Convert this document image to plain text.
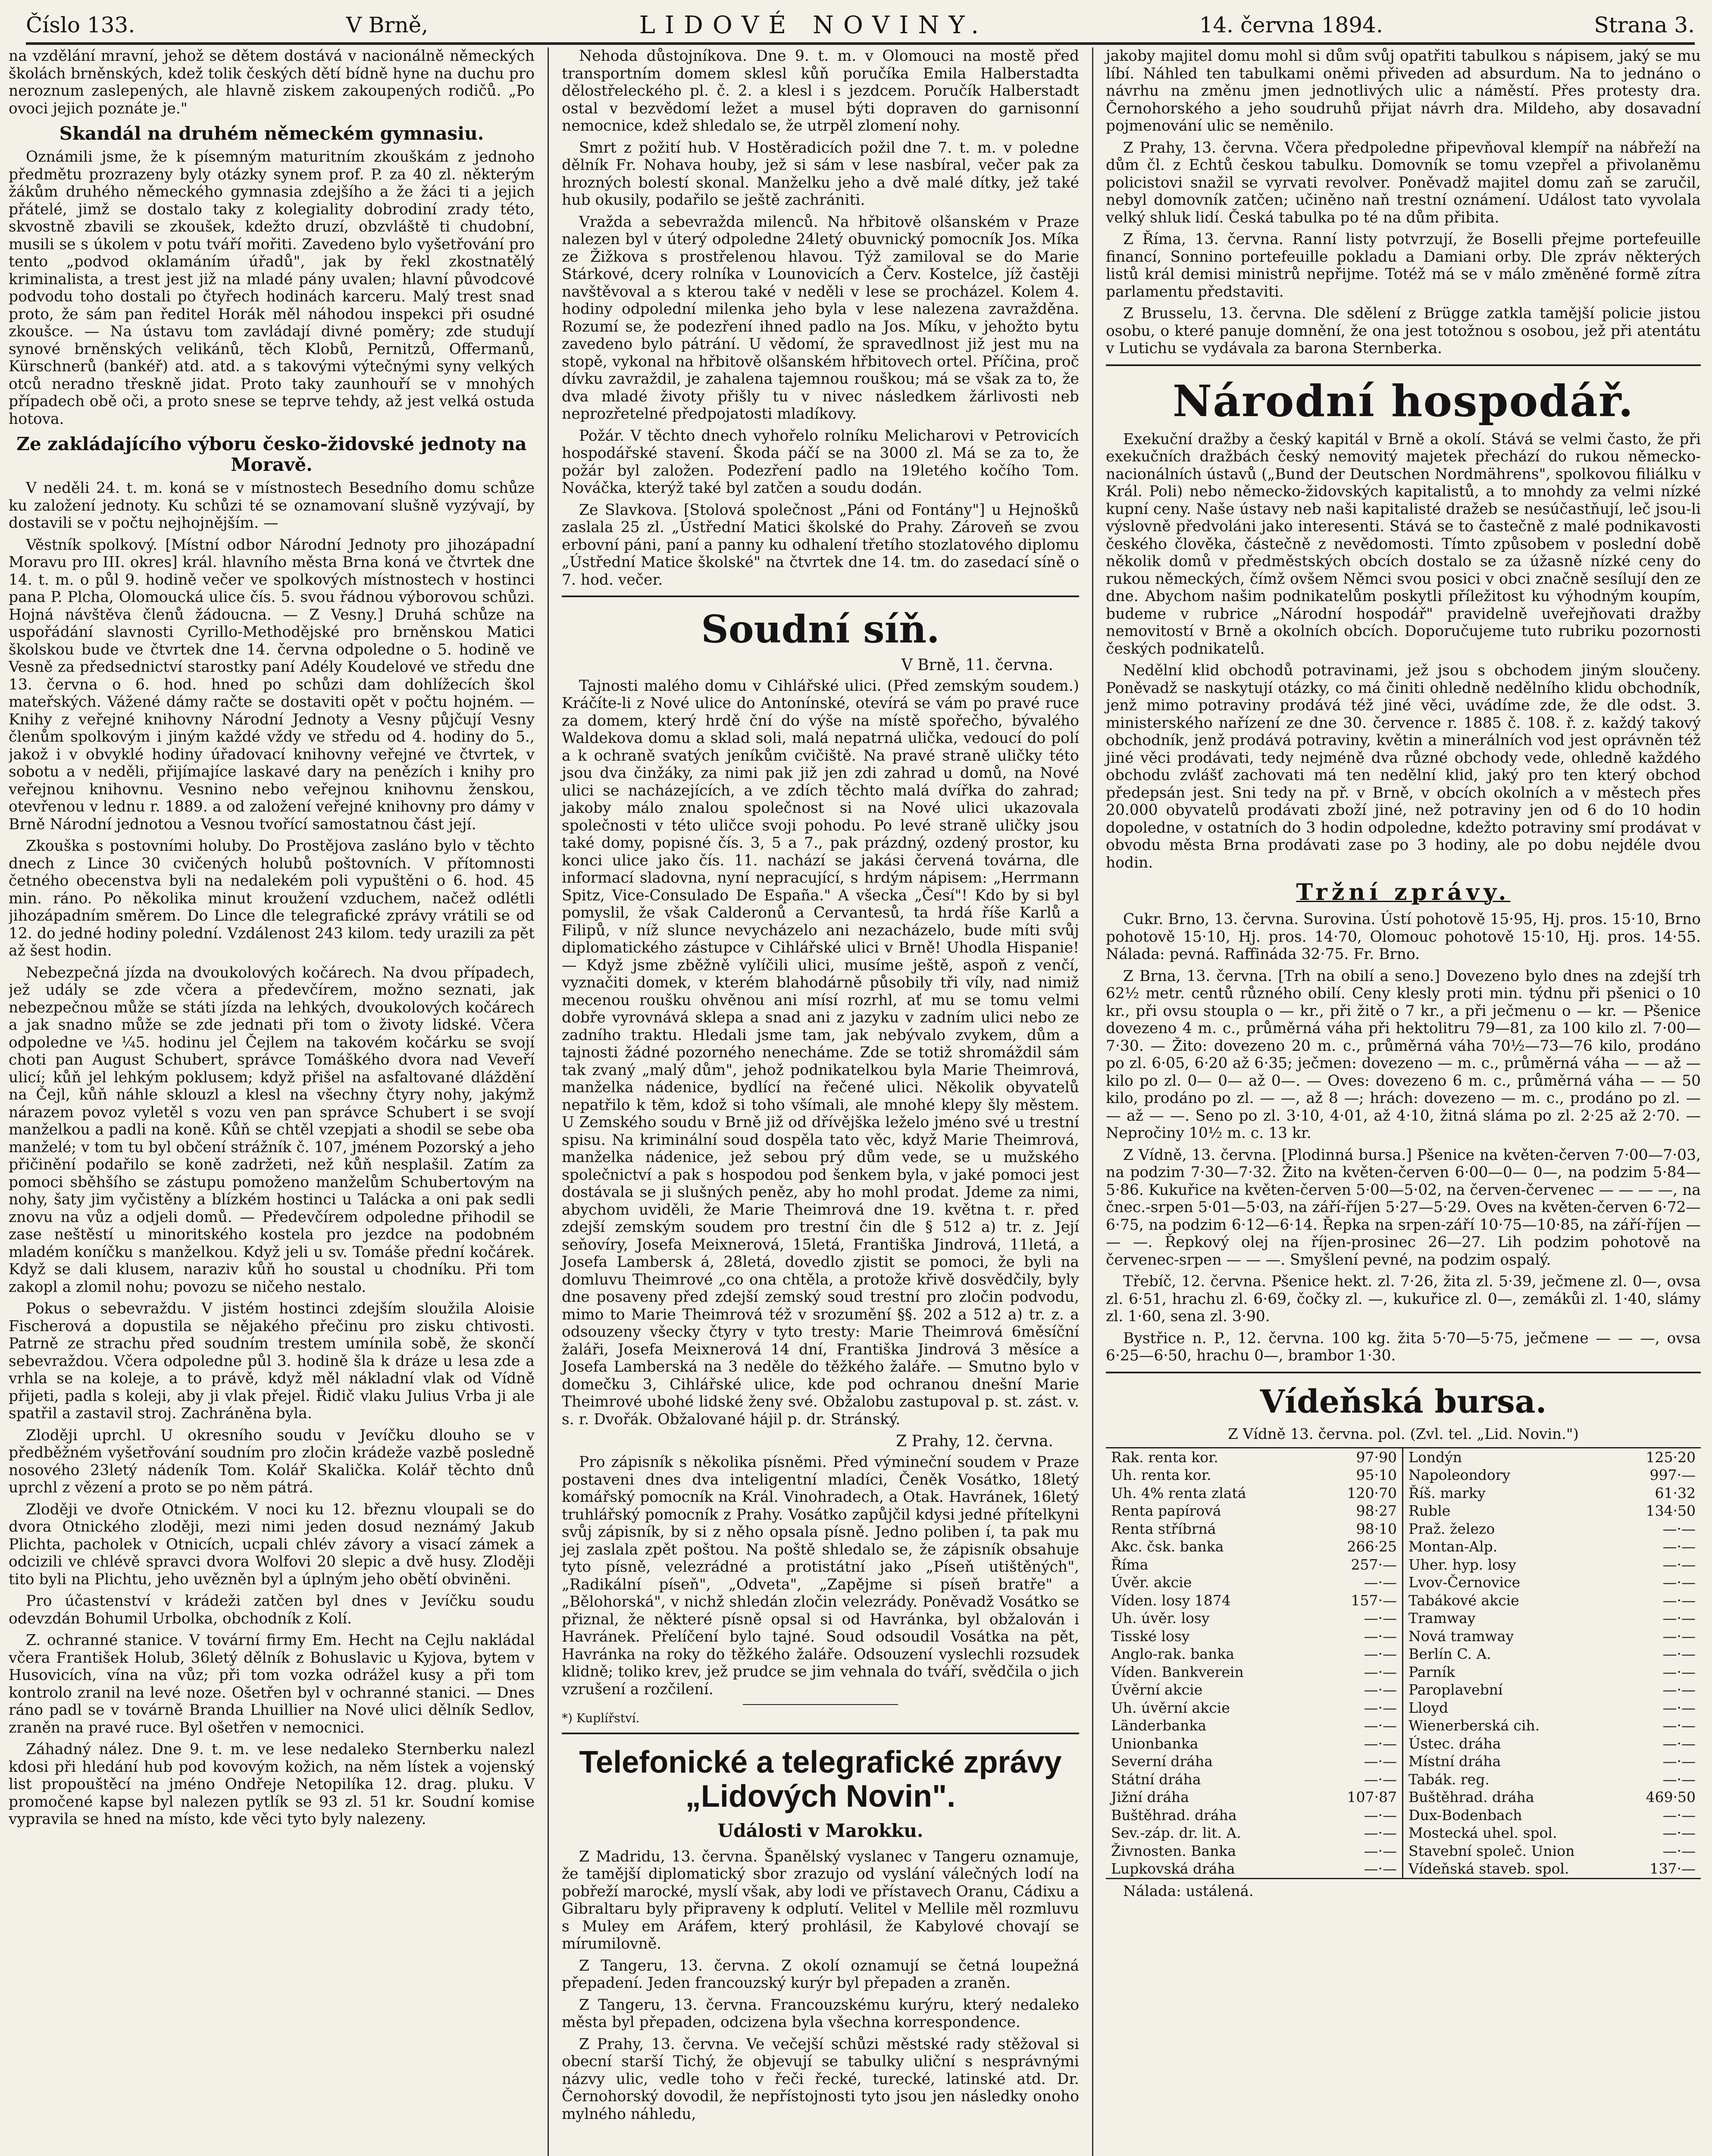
Číslo 133.	V Brně,	LIDOVÉ NOVINY.	14. června 1894.	Strana 3.

na vzdělání mravní, jehož se dětem dostává v nacionálně německých školách brněnských, kdež tolik českých dětí bídně hyne na duchu pro neroznum zaslepených, ale hlavně ziskem zakoupených rodičů. „Po ovoci jejich poznáte je."

Skandál na druhém německém gymnasiu.

Oznámili jsme, že k písemným maturitním zkouškám z jednoho předmětu prozrazeny byly otázky synem prof. P. za 40 zl. některým žákům druhého německého gymnasia zdejšího a že žáci ti a jejich přátelé, jimž se dostalo taky z kolegiality dobrodiní zrady této, skvostně zbavili se zkoušek, kdežto druzí, obzvláště ti chudobní, musili se s úkolem v potu tváří mořiti. Zavedeno bylo vyšetřování pro tento „podvod oklamáním úřadů", jak by řekl zkostnatělý kriminalista, a trest jest již na mladé pány uvalen; hlavní původcové podvodu toho dostali po čtyřech hodinách karceru. Malý trest snad proto, že sám pan ředitel Horák měl náhodou inspekci při osudné zkoušce. — Na ústavu tom zavládají divné poměry; zde studují synové brněnských velikánů, těch Klobů, Pernitzů, Offermanů, Kürschnerů (bankéř) atd. atd. a s takovými výtečnými syny velkých otců neradno třeskně jidat. Proto taky zaunhouří se v mnohých případech obě oči, a proto snese se teprve tehdy, až jest velká ostuda hotova.

Ze zakládajícího výboru česko-židovské jednoty na Moravě.

V neděli 24. t. m. koná se v místnostech Besedního domu schůze ku založení jednoty. Ku schůzi té se oznamovaní slušně vyzývají, by dostavili se v počtu nejhojnějším. —

Věstník spolkový. [Místní odbor Národní Jednoty pro jihozápadní Moravu pro III. okres] král. hlavního města Brna koná ve čtvrtek dne 14. t. m. o půl 9. hodině večer ve spolkových místnostech v hostinci pana P. Plcha, Olomoucká ulice čís. 5. svou řádnou výborovou schůzi. Hojná návštěva členů žádoucna. — Z Vesny.] Druhá schůze na uspořádání slavnosti Cyrillo-Methodějské pro brněnskou Matici školskou bude ve čtvrtek dne 14. června odpoledne o 5. hodině ve Vesně za předsednictví starostky paní Adély Koudelové ve středu dne 13. června o 6. hod. hned po schůzi dam dohlížecích škol mateřských. Vážené dámy račte se dostaviti opět v počtu hojném. — Knihy z veřejné knihovny Národní Jednoty a Vesny půjčují Vesny členům spolkovým i jiným každé vždy ve středu od 4. hodiny do 5., jakož i v obvyklé hodiny úřadovací knihovny veřejné ve čtvrtek, v sobotu a v neděli, přijímajíce laskavé dary na penězích i knihy pro veřejnou knihovnu. Vesnino nebo veřejnou knihovnu ženskou, otevřenou v lednu r. 1889. a od založení veřejné knihovny pro dámy v Brně Národní jednotou a Vesnou tvořící samostatnou část její.

Zkouška s postovními holuby. Do Prostějova zasláno bylo v těchto dnech z Lince 30 cvičených holubů poštovních. V přítomnosti četného obecenstva byli na nedalekém poli vypuštěni o 6. hod. 45 min. ráno. Po několika minut kroužení vzduchem, načež odlétli jihozápadním směrem. Do Lince dle telegrafické zprávy vrátili se od 12. do jedné hodiny polední. Vzdálenost 243 kilom. tedy urazili za pět až šest hodin.

Nebezpečná jízda na dvoukolových kočárech. Na dvou případech, jež udály se zde včera a předevčírem, možno seznati, jak nebezpečnou může se státi jízda na lehkých, dvoukolových kočárech a jak snadno může se zde jednati při tom o životy lidské. Včera odpoledne ve ¼5. hodinu jel Čejlem na takovém kočárku se svojí choti pan August Schubert, správce Tomáškého dvora nad Veveří ulicí; kůň jel lehkým poklusem; když přišel na asfaltované dláždění na Čejl, kůň náhle sklouzl a klesl na všechny čtyry nohy, jakýmž nárazem povoz vyletěl s vozu ven pan správce Schubert i se svojí manželkou a padli na koně. Kůň se chtěl vzepjati a shodil se sebe oba manželé; v tom tu byl občení strážník č. 107, jménem Pozorský a jeho přičinění podařilo se koně zadržeti, než kůň nesplašil. Zatím za pomoci sběhšího se zástupu pomoženo manželům Schubertovým na nohy, šaty jim vyčistěny a blízkém hostinci u Talácka a oni pak sedli znovu na vůz a odjeli domů. — Předevčírem odpoledne přihodil se zase neštěstí u minoritského kostela pro jezdce na podobném mladém koníčku s manželkou. Když jeli u sv. Tomáše přední kočárek. Když se dali klusem, naraziv kůň ho soustal u chodníku. Při tom zakopl a zlomil nohu; povozu se ničeho nestalo.

Pokus o sebevraždu. V jistém hostinci zdejším sloužila Aloisie Fischerová a dopustila se nějakého přečinu pro zisku chtivosti. Patrně ze strachu před soudním trestem umínila sobě, že skončí sebevraždou. Včera odpoledne půl 3. hodině šla k dráze u lesa zde a vrhla se na koleje, a to právě, když měl nákladní vlak od Vídně přijeti, padla s koleji, aby ji vlak přejel. Řidič vlaku Julius Vrba ji ale spatřil a zastavil stroj. Zachráněna byla.

Zloději uprchl. U okresního soudu v Jevíčku dlouho se v předběžném vyšetřování soudním pro zločin krádeže vazbě posledně nosového 23letý nádeník Tom. Kolář Skalička. Kolář těchto dnů uprchl z vězení a proto se po něm pátrá.

Zloději ve dvoře Otnickém. V noci ku 12. březnu vloupali se do dvora Otnického zloději, mezi nimi jeden dosud neznámý Jakub Plichta, pacholek v Otnicích, ucpali chlév závory a visací zámek a odcizili ve chlévě spravci dvora Wolfovi 20 slepic a dvě husy. Zloději tito byli na Plichtu, jeho uvězněn byl a úplným jeho obětí obviněni.

Pro účastenství v krádeži zatčen byl dnes v Jevíčku soudu odevzdán Bohumil Urbolka, obchodník z Kolí.

Z. ochranné stanice. V tovární firmy Em. Hecht na Cejlu nakládal včera František Holub, 36letý dělník z Bohuslavic u Kyjova, bytem v Husovicích, vína na vůz; při tom vozka odrážel kusy a při tom kontrolo zranil na levé noze. Ošetřen byl v ochranné stanici. — Dnes ráno padl se v továrně Branda Lhuillier na Nové ulici dělník Sedlov, zraněn na pravé ruce. Byl ošetřen v nemocnici.

Záhadný nález. Dne 9. t. m. ve lese nedaleko Sternberku nalezl kdosi při hledání hub pod kovovým kožich, na něm lístek a vojenský list propouštěcí na jméno Ondřeje Netopilíka 12. drag. pluku. V promočené kapse byl nalezen pytlík se 93 zl. 51 kr. Soudní komise vypravila se hned na místo, kde věci tyto byly nalezeny.

Nehoda důstojníkova. Dne 9. t. m. v Olomouci na mostě před transportním domem sklesl kůň poručíka Emila Halberstadta dělostřeleckého pl. č. 2. a klesl i s jezdcem. Poručík Halberstadt ostal v bezvědomí ležet a musel býti dopraven do garnisonní nemocnice, kdež shledalo se, že utrpěl zlomení nohy.

Smrt z požití hub. V Hostěradicích požil dne 7. t. m. v poledne dělník Fr. Nohava houby, jež si sám v lese nasbíral, večer pak za hrozných bolestí skonal. Manželku jeho a dvě malé dítky, jež také hub okusily, podařilo se ještě zachrániti.

Vražda a sebevražda milenců. Na hřbitově olšanském v Praze nalezen byl v úterý odpoledne 24letý obuvnický pomocník Jos. Míka ze Žižkova s prostřelenou hlavou. Týž zamiloval se do Marie Stárkové, dcery rolníka v Lounovicích a Červ. Kostelce, jíž častěji navštěvoval a s kterou také v neděli v lese se procházel. Kolem 4. hodiny odpolední milenka jeho byla v lese nalezena zavražděna. Rozumí se, že podezření ihned padlo na Jos. Míku, v jehožto bytu zavedeno bylo pátrání. U vědomí, že spravedlnost již jest mu na stopě, vykonal na hřbitově olšanském hřbitovech ortel. Příčina, proč dívku zavraždil, je zahalena tajemnou rouškou; má se však za to, že dva mladé životy přišly tu v nivec následkem žárlivosti neb neprozřetelné předpojatosti mladíkovy.

Požár. V těchto dnech vyhořelo rolníku Melicharovi v Petrovicích hospodářské stavení. Škoda páčí se na 3000 zl. Má se za to, že požár byl založen. Podezření padlo na 19letého kočího Tom. Nováčka, kterýž také byl zatčen a soudu dodán.

Ze Slavkova. [Stolová společnost „Páni od Fontány"] u Hejnošků zaslala 25 zl. „Ústřední Matici školské do Prahy. Zároveň se zvou erbovní páni, paní a panny ku odhalení třetího stozlatového diplomu „Ústřední Matice školské" na čtvrtek dne 14. tm. do zasedací síně o 7. hod. večer.

Soudní síň.
V Brně, 11. června.

Tajnosti malého domu v Cihlářské ulici. (Před zemským soudem.) Kráčíte-li z Nové ulice do Antonínské, otevírá se vám po pravé ruce za domem, který hrdě ční do výše na místě spořečho, bývalého Waldekova domu a sklad soli, malá nepatrná ulička, vedoucí do polí a k ochraně svatých jeníkům cvičiště. Na pravé straně uličky této jsou dva činžáky, za nimi pak již jen zdi zahrad u domů, na Nové ulici se nacházejících, a ve zdích těchto malá dvířka do zahrad; jakoby málo znalou společnost si na Nové ulici ukazovala společnosti v této uličce svoji pohodu. Po levé straně uličky jsou také domy, popisné čís. 3, 5 a 7., pak prázdný, ozdený prostor, ku konci ulice jako čís. 11. nachází se jakási červená továrna, dle informací sladovna, nyní nepracující, s hrdým nápisem: „Herrmann Spitz, Vice-Consulado De España." A všecka „Česí"! Kdo by si byl pomyslil, že však Calderonů a Cervantesů, ta hrdá říše Karlů a Filipů, v níž slunce nevycházelo ani nezacházelo, bude míti svůj diplomatického zástupce v Cihlářské ulici v Brně! Uhodla Hispanie! — Když jsme zběžně vylíčili ulici, musíme ještě, aspoň z venčí, vyznačiti domek, v kterém blahodárně působily tři víly, nad nimiž mecenou roušku ohvěnou ani mísí rozrhl, ať mu se tomu velmi dobře vyrovnává sklepa a snad ani z jazyku v zadním ulici nebo ze zadního traktu. Hledali jsme tam, jak nebývalo zvykem, dům a tajnosti žádné pozorného nenecháme. Zde se totiž shromáždil sám tak zvaný „malý dům", jehož podnikatelkou byla Marie Theimrová, manželka nádenice, bydlící na řečené ulici. Několik obyvatelů nepatřilo k těm, kdož si toho všímali, ale mnohé klepy šly městem. U Zemského soudu v Brně již od dřívějška leželo jméno své u trestní spisu. Na kriminální soud dospěla tato věc, když Marie Theimrová, manželka nádenice, jež sebou prý dům vede, se u mužského společnictví a pak s hospodou pod šenkem byla, v jaké pomoci jest dostávala se ji slušných peněz, aby ho mohl prodat. Jdeme za nimi, abychom uviděli, že Marie Theimrová dne 19. května t. r. před zdejší zemským soudem pro trestní čin dle § 512 a) tr. z. Její seňovíry, Josefa Meixnerová, 15letá, Františka Jindrová, 11letá, a Josefa Lambersk á, 28letá, dovedlo zjistit se pomoci, že byli na domluvu Theimrové „co ona chtěla, a protože křivě dosvědčily, byly dne posaveny před zdejší zemský soud trestní pro zločin podvodu, mimo to Marie Theimrová též v srozumění §§. 202 a 512 a) tr. z. a odsouzeny všecky čtyry v tyto tresty: Marie Theimrová 6měsíční žaláři, Josefa Meixnerová 14 dní, Františka Jindrová 3 měsíce a Josefa Lamberská na 3 neděle do těžkého žaláře. — Smutno bylo v domečku 3, Cihlářské ulice, kde pod ochranou dnešní Marie Theimrové ubohé lidské ženy své. Obžalobu zastupoval p. st. zást. v. s. r. Dvořák. Obžalované hájil p. dr. Stránský.

Z Prahy, 12. června.

Pro zápisník s několika písněmi. Před výmineční soudem v Praze postaveni dnes dva inteligentní mladíci, Čeněk Vosátko, 18letý komářský pomocník na Král. Vinohradech, a Otak. Havránek, 16letý truhlářský pomocník z Prahy. Vosátko zapůjčil kdysi jedné přítelkyni svůj zápisník, by si z něho opsala písně. Jedno poliben í, ta pak mu jej zaslala zpět poštou. Na poště shledalo se, že zápisník obsahuje tyto písně, velezrádné a protistátní jako „Píseň utištěných", „Radikální píseň", „Odveta", „Zapějme si píseň bratře" a „Bělohorská", v nichž shledán zločin velezrády. Poněvadž Vosátko se přiznal, že některé písně opsal si od Havránka, byl obžalován i Havránek. Přelíčení bylo tajné. Soud odsoudil Vosátka na pět, Havránka na roky do těžkého žaláře. Odsouzení vyslechli rozsudek klidně; toliko krev, jež prudce se jim vehnala do tváří, svědčila o jich vzrušení a rozčilení.

*) Kuplířství.
Telefonické a telegrafické zprávy „Lidových Novin".
Události v Marokku.

Z Madridu, 13. června. Španělský vyslanec v Tangeru oznamuje, že tamější diplomatický sbor zrazujo od vyslání válečných lodí na pobřeží marocké, myslí však, aby lodi ve přístavech Oranu, Cádixu a Gibraltaru byly připraveny k odplutí. Velitel v Mellile měl rozmluvu s Muley em Aráfem, který prohlásil, že Kabylové chovají se mírumilovně.

Z Tangeru, 13. června. Z okolí oznamují se četná loupežná přepadení. Jeden francouzský kurýr byl přepaden a zraněn.

Z Tangeru, 13. června. Francouzskému kurýru, který nedaleko města byl přepaden, odcizena byla všechna korrespondence.

Z Prahy, 13. června. Ve večejší schůzi městské rady stěžoval si obecní starší Tichý, že objevují se tabulky uliční s nesprávnými názvy ulic, vedle toho v řeči řecké, turecké, latinské atd. Dr. Černohorský dovodil, že nepřístojnosti tyto jsou jen následky onoho mylného náhledu,

jakoby majitel domu mohl si dům svůj opatřiti tabulkou s nápisem, jaký se mu líbí. Náhled ten tabulkami oněmi přiveden ad absurdum. Na to jednáno o návrhu na změnu jmen jednotlivých ulic a náměstí. Přes protesty dra. Černohorského a jeho soudruhů přijat návrh dra. Mildeho, aby dosavadní pojmenování ulic se neměnilo.

Z Prahy, 13. června. Včera předpoledne připevňoval klempíř na nábřeží na dům čl. z Echtů českou tabulku. Domovník se tomu vzepřel a přivolaněmu policistovi snažil se vyrvati revolver. Poněvadž majitel domu zaň se zaručil, nebyl domovník zatčen; učiněno naň trestní oznámení. Událost tato vyvolala velký shluk lidí. Česká tabulka po té na dům přibita.

Z Říma, 13. června. Ranní listy potvrzují, že Boselli přejme portefeuille financí, Sonnino portefeuille pokladu a Damiani orby. Dle zpráv některých listů král demisi ministrů nepřijme. Totéž má se v málo změněné formě zítra parlamentu představiti.

Z Brusselu, 13. června. Dle sdělení z Brügge zatkla tamější policie jistou osobu, o které panuje domnění, že ona jest totožnou s osobou, jež při atentátu v Lutichu se vydávala za barona Sternberka.

Národní hospodář.

Exekuční dražby a český kapitál v Brně a okolí. Stává se velmi často, že při exekučních dražbách český nemovitý majetek přechází do rukou německo-nacionálních ústavů („Bund der Deutschen Nordmährens", spolkovou filiálku v Král. Poli) nebo německo-židovských kapitalistů, a to mnohdy za velmi nízké kupní ceny. Naše ústavy neb naši kapitalisté dražeb se nesúčastňují, leč jsou-li výslovně předvoláni jako interesenti. Stává se to častečně z malé podnikavosti českého člověka, částečně z nevědomosti. Tímto způsobem v poslední době několik domů v předměstských obcích dostalo se za úžasně nízké ceny do rukou německých, čímž ovšem Němci svou posici v obci značně sesílují den ze dne. Abychom našim podnikatelům poskytli příležitost ku výhodným koupím, budeme v rubrice „Národní hospodář" pravidelně uveřejňovati dražby nemovitostí v Brně a okolních obcích. Doporučujeme tuto rubriku pozornosti českých podnikatelů.

Nedělní klid obchodů potravinami, jež jsou s obchodem jiným sloučeny. Poněvadž se naskytují otázky, co má činiti ohledně nedělního klidu obchodník, jenž mimo potraviny prodává též jiné věci, uvádíme zde, že dle odst. 3. ministerského nařízení ze dne 30. července r. 1885 č. 108. ř. z. každý takový obchodník, jenž prodává potraviny, květin a minerálních vod jest oprávněn též jiné věci prodávati, tedy nejméně dva různé obchody vede, ohledně každého obchodu zvlášť zachovati má ten nedělní klid, jaký pro ten který obchod předepsán jest. Sni tedy na př. v Brně, v obcích okolních a v městech přes 20.000 obyvatelů prodávati zboží jiné, než potraviny jen od 6 do 10 hodin dopoledne, v ostatních do 3 hodin odpoledne, kdežto potraviny smí prodávat v obvodu města Brna prodávati zase po 3 hodiny, ale po dobu nejdéle dvou hodin.

Tržní zprávy.

Cukr. Brno, 13. června. Surovina. Ústí pohotově 15·95, Hj. pros. 15·10, Brno pohotově 15·10, Hj. pros. 14·70, Olomouc pohotově 15·10, Hj. pros. 14·55. Nálada: pevná. Raffináda 32·75. Fr. Brno.

Z Brna, 13. června. [Trh na obilí a seno.] Dovezeno bylo dnes na zdejší trh 62½ metr. centů různého obilí. Ceny klesly proti min. týdnu při pšenici o 10 kr., při ovsu stoupla o — kr., při žitě o 7 kr., a při ječmenu o — kr. — Pšenice dovezeno 4 m. c., průměrná váha při hektolitru 79—81, za 100 kilo zl. 7·00—7·30. — Žito: dovezeno 20 m. c., průměrná váha 70½—73—76 kilo, prodáno po zl. 6·05, 6·20 až 6·35; ječmen: dovezeno — m. c., průměrná váha — — až — kilo po zl. 0— 0— až 0—. — Oves: dovezeno 6 m. c., průměrná váha — — 50 kilo, prodáno po zl. — —, až 8 —; hrách: dovezeno — m. c., prodáno po zl. — — až — —. Seno po zl. 3·10, 4·01, až 4·10, žitná sláma po zl. 2·25 až 2·70. — Nepročiny 10½ m. c. 13 kr.

Z Vídně, 13. června. [Plodinná bursa.] Pšenice na květen-červen 7·00—7·03, na podzim 7·30—7·32. Žito na květen-červen 6·00—0— 0—, na podzim 5·84—5·86. Kukuřice na květen-červen 5·00—5·02, na červen-červenec — — — —, na čnec.-srpen 5·01—5·03, na září-říjen 5·27—5·29. Oves na květen-červen 6·72—6·75, na podzim 6·12—6·14. Řepka na srpen-září 10·75—10·85, na září-říjen — — —. Řepkový olej na říjen-prosinec 26—27. Lih podzim pohotově na červenec-srpen — — —. Smyšlení pevné, na podzim ospalý.

Třebíč, 12. června. Pšenice hekt. zl. 7·26, žita zl. 5·39, ječmene zl. 0—, ovsa zl. 6·51, hrachu zl. 6·69, čočky zl. —, kukuřice zl. 0—, zemákůi zl. 1·40, slámy zl. 1·60, sena zl. 3·90.

Bystřice n. P., 12. června. 100 kg. žita 5·70—5·75, ječmene — — —, ovsa 6·25—6·50, hrachu 0—, brambor 1·30.

Vídeňská bursa.
Z Vídně 13. června. pol. (Zvl. tel. „Lid. Novin.")
Rak. renta kor.	97·90
Uh. renta kor.	95·10
Uh. 4% renta zlatá	120·70
Renta papírová	98·27
Renta stříbrná	98·10
Akc. čsk. banka	266·25
Říma	257·—
Úvěr. akcie	—·—
Víden. losy 1874	157·—
Uh. úvěr. losy	—·—
Tisské losy	—·—
Anglo-rak. banka	—·—
Víden. Bankverein	—·—
Úvěrní akcie	—·—
Uh. úvěrní akcie	—·—
Länderbanka	—·—
Unionbanka	—·—
Severní dráha	—·—
Státní dráha	—·—
Jižní dráha	107·87
Buštěhrad. dráha	—·—
Sev.-záp. dr. lit. A.	—·—
Živnosten. Banka	—·—
Lupkovská dráha	—·—
Londýn	125·20
Napoleondory	997·—
Říš. marky	61·32
Ruble	134·50
Praž. železo	—·—
Montan-Alp.	—·—
Uher. hyp. losy	—·—
Lvov-Černovice	—·—
Tabákové akcie	—·—
Tramway	—·—
Nová tramway	—·—
Berlín C. A.	—·—
Parník	—·—
Paroplavební	—·—
Lloyd	—·—
Wienerberská cih.	—·—
Ústec. dráha	—·—
Místní dráha	—·—
Tabák. reg.	—·—
Buštěhrad. dráha	469·50
Dux-Bodenbach	—·—
Mostecká uhel. spol.	—·—
Stavební společ. Union	—·—
Vídeňská staveb. spol.	137·—
Nálada: ustálená.
